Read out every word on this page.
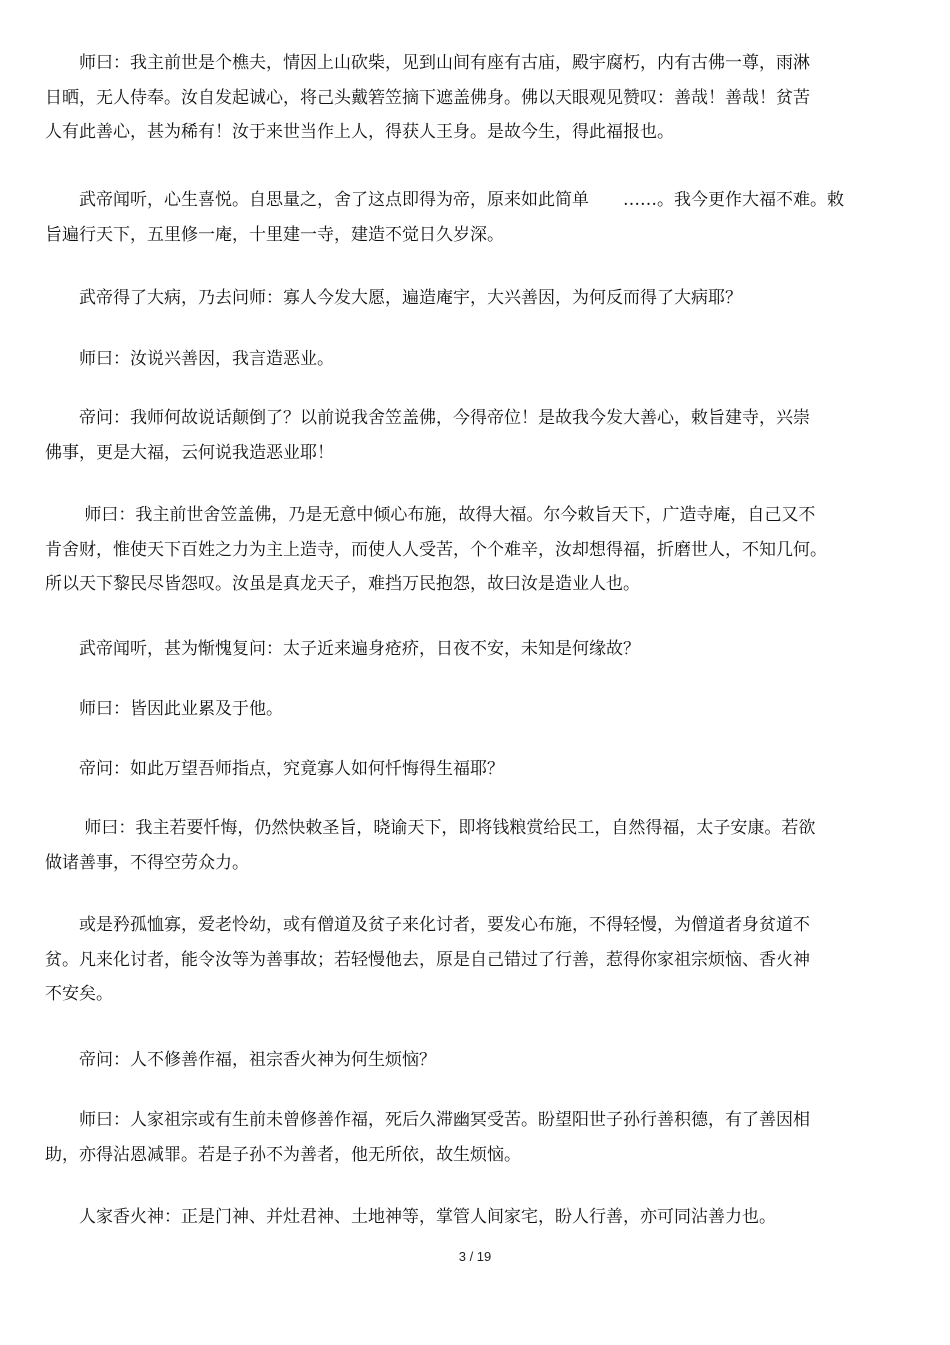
　　师曰：我主前世是个樵夫，情因上山砍柴，见到山间有座有古庙，殿宇腐朽，内有古佛一尊，雨淋
日晒，无人侍奉。汝自发起诚心，将己头戴箬笠摘下遮盖佛身。佛以天眼观见赞叹：善哉！善哉！贫苦
人有此善心，甚为稀有！汝于来世当作上人，得获人王身。是故今生，得此福报也。

　　武帝闻听，心生喜悦。自思量之，舍了这点即得为帝，原来如此简单　　……。我今更作大福不难。敕
旨遍行天下，五里修一庵，十里建一寺，建造不觉日久岁深。

　　武帝得了大病，乃去问师：寡人今发大愿，遍造庵宇，大兴善因，为何反而得了大病耶？

　　师曰：汝说兴善因，我言造恶业。

　　帝问：我师何故说话颠倒了？以前说我舍笠盖佛，今得帝位！是故我今发大善心，敕旨建寺，兴崇
佛事，更是大福，云何说我造恶业耶！

　　 师曰：我主前世舍笠盖佛，乃是无意中倾心布施，故得大福。尔今敕旨天下，广造寺庵，自己又不
肯舍财，惟使天下百姓之力为主上造寺，而使人人受苦，个个难辛，汝却想得福，折磨世人，不知几何。
所以天下黎民尽皆怨叹。汝虽是真龙天子，难挡万民抱怨，故曰汝是造业人也。

　　武帝闻听，甚为惭愧复问：太子近来遍身疮疥，日夜不安，未知是何缘故？

　　师曰：皆因此业累及于他。

　　帝问：如此万望吾师指点，究竟寡人如何忏悔得生福耶？

　　 师曰：我主若要忏悔，仍然快敕圣旨，晓谕天下，即将钱粮赏给民工，自然得福，太子安康。若欲
做诸善事，不得空劳众力。

　　或是矜孤恤寡，爱老怜幼，或有僧道及贫子来化讨者，要发心布施，不得轻慢，为僧道者身贫道不
贫。凡来化讨者，能令汝等为善事故；若轻慢他去，原是自己错过了行善，惹得你家祖宗烦恼、香火神
不安矣。

　　帝问：人不修善作福，祖宗香火神为何生烦恼？

　　师曰：人家祖宗或有生前未曾修善作福，死后久滞幽冥受苦。盼望阳世子孙行善积德，有了善因相
助，亦得沾恩减罪。若是子孙不为善者，他无所依，故生烦恼。

　　人家香火神：正是门神、并灶君神、土地神等，掌管人间家宅，盼人行善，亦可同沾善力也。

3 / 19
